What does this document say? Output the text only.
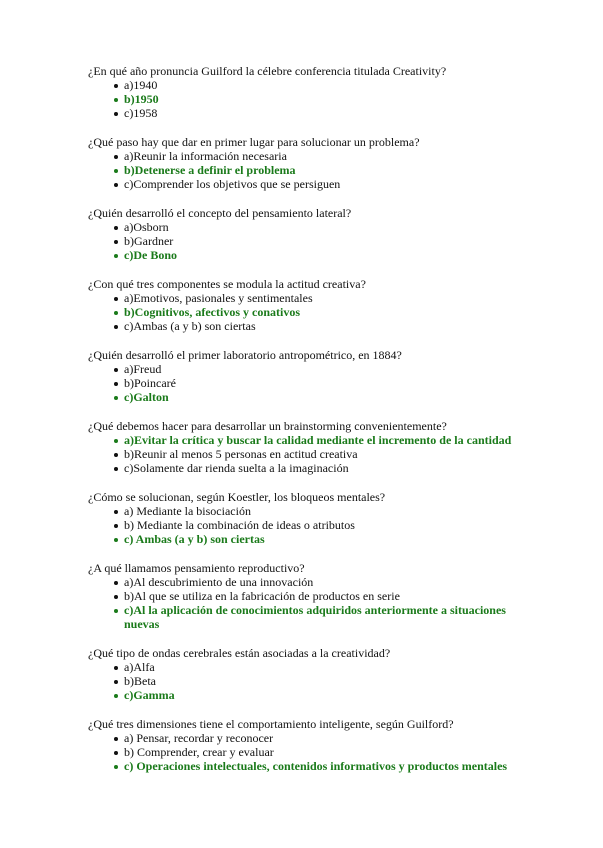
¿En qué año pronuncia Guilford la célebre conferencia titulada Creativity?

a)1940
b)1950
c)1958

¿Qué paso hay que dar en primer lugar para solucionar un problema?

a)Reunir la información necesaria
b)Detenerse a definir el problema
c)Comprender los objetivos que se persiguen

¿Quién desarrolló el concepto del pensamiento lateral?

a)Osborn
b)Gardner
c)De Bono

¿Con qué tres componentes se modula la actitud creativa?

a)Emotivos, pasionales y sentimentales
b)Cognitivos, afectivos y conativos
c)Ambas (a y b) son ciertas

¿Quién desarrolló el primer laboratorio antropométrico, en 1884?

a)Freud
b)Poincaré
c)Galton

¿Qué debemos hacer para desarrollar un brainstorming convenientemente?

a)Evitar la crítica y buscar la calidad mediante el incremento de la cantidad
b)Reunir al menos 5 personas en actitud creativa
c)Solamente dar rienda suelta a la imaginación

¿Cómo se solucionan, según Koestler, los bloqueos mentales?

a) Mediante la bisociación
b) Mediante la combinación de ideas o atributos
c) Ambas (a y b) son ciertas

¿A qué llamamos pensamiento reproductivo?

a)Al descubrimiento de una innovación
b)Al que se utiliza en la fabricación de productos en serie
c)Al la aplicación de conocimientos adquiridos anteriormente a situaciones nuevas

¿Qué tipo de ondas cerebrales están asociadas a la creatividad?

a)Alfa
b)Beta
c)Gamma

¿Qué tres dimensiones tiene el comportamiento inteligente, según Guilford?

a) Pensar, recordar y reconocer
b) Comprender, crear y evaluar
c) Operaciones intelectuales, contenidos informativos y productos mentales
